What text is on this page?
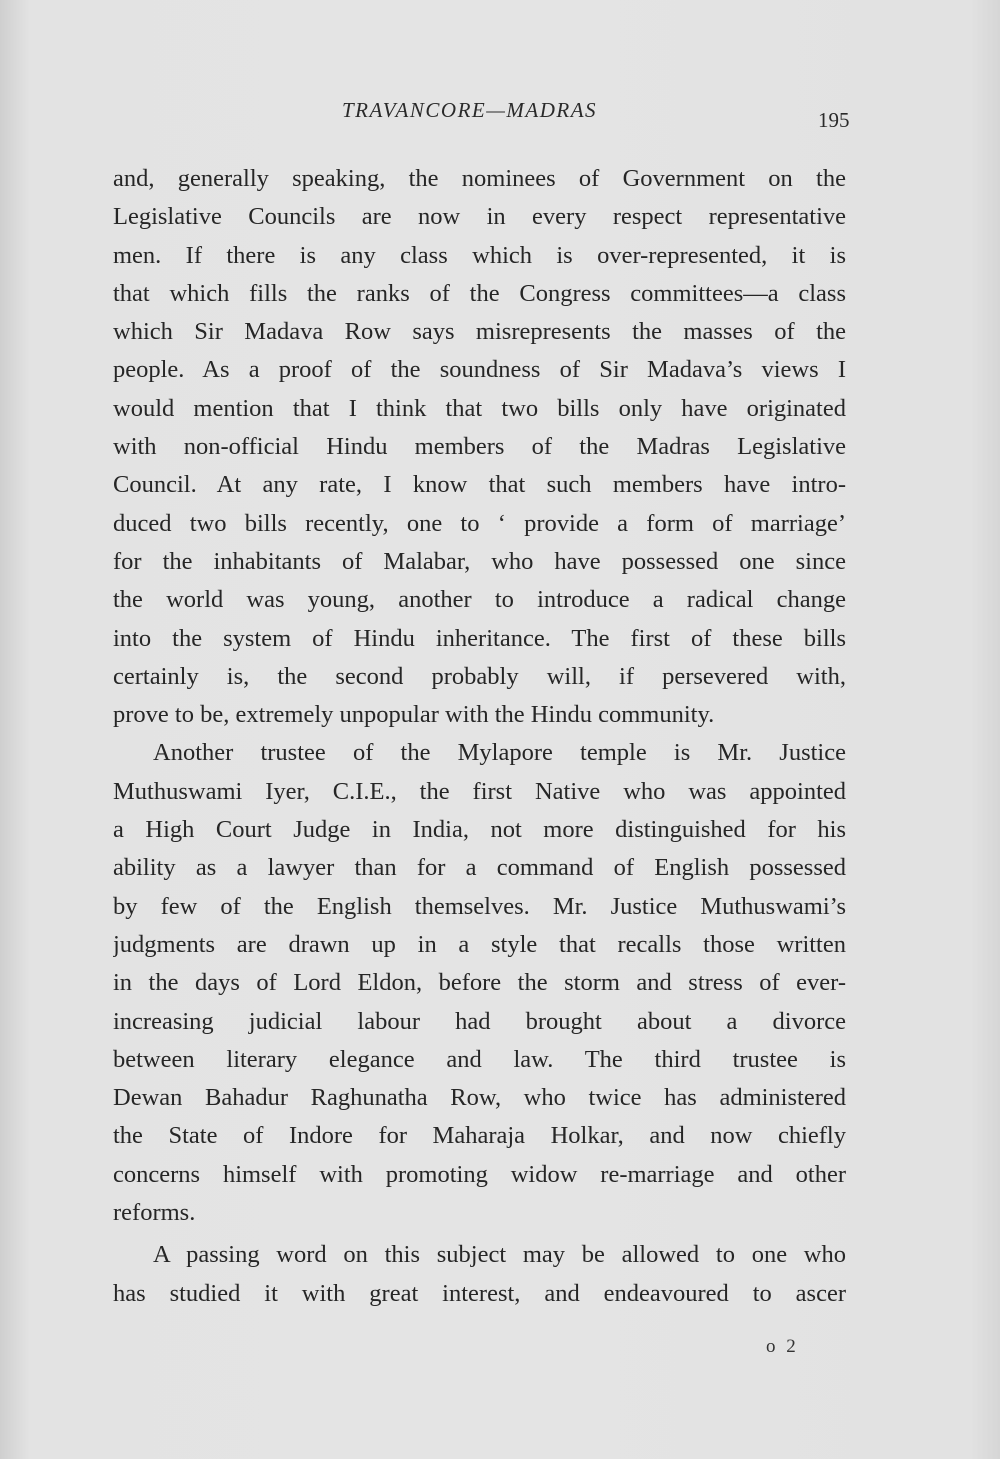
TRAVANCORE—MADRAS	195
and, generally speaking, the nominees of Government on the
Legislative Councils are now in every respect representative
men. If there is any class which is over-represented, it is
that which fills the ranks of the Congress committees—a class
which Sir Madava Row says misrepresents the masses of the
people. As a proof of the soundness of Sir Madava’s views I
would mention that I think that two bills only have originated
with non-official Hindu members of the Madras Legislative
Council. At any rate, I know that such members have intro-
duced two bills recently, one to ‘ provide a form of marriage’
for the inhabitants of Malabar, who have possessed one since
the world was young, another to introduce a radical change
into the system of Hindu inheritance. The first of these bills
certainly is, the second probably will, if persevered with,
prove to be, extremely unpopular with the Hindu community.
Another trustee of the Mylapore temple is Mr. Justice
Muthuswami Iyer, C.I.E., the first Native who was appointed
a High Court Judge in India, not more distinguished for his
ability as a lawyer than for a command of English possessed
by few of the English themselves. Mr. Justice Muthuswami’s
judgments are drawn up in a style that recalls those written
in the days of Lord Eldon, before the storm and stress of ever-
increasing judicial labour had brought about a divorce
between literary elegance and law. The third trustee is
Dewan Bahadur Raghunatha Row, who twice has administered
the State of Indore for Maharaja Holkar, and now chiefly
concerns himself with promoting widow re-marriage and other
reforms.
A passing word on this subject may be allowed to one who
has studied it with great interest, and endeavoured to ascer
o 2
